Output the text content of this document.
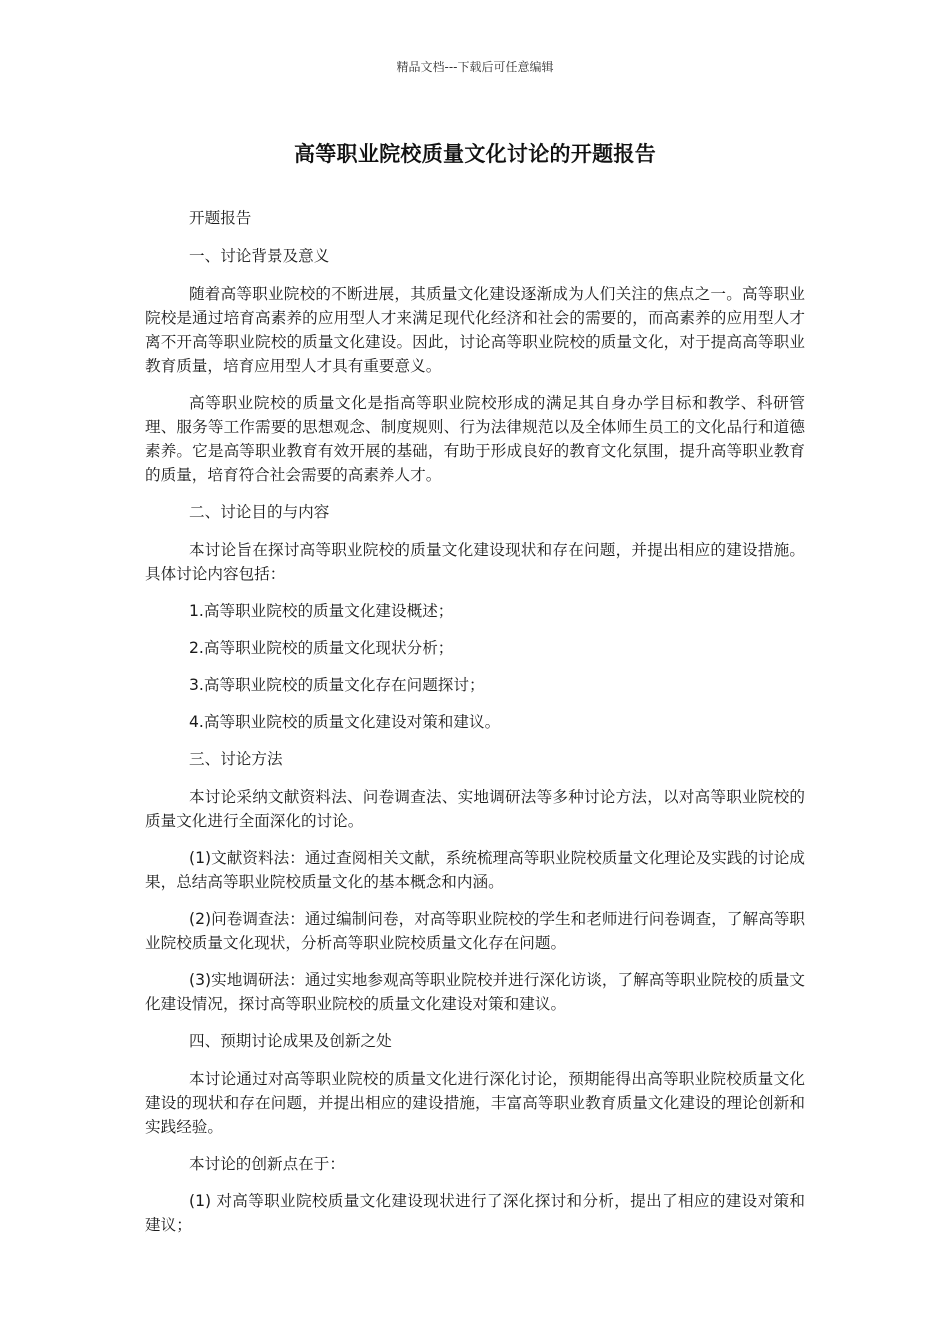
精品文档---下载后可任意编辑
高等职业院校质量文化讨论的开题报告

开题报告

一、讨论背景及意义

随着高等职业院校的不断进展，其质量文化建设逐渐成为人们关注的焦点之一。高等职业院校是通过培育高素养的应用型人才来满足现代化经济和社会的需要的，而高素养的应用型人才离不开高等职业院校的质量文化建设。因此，讨论高等职业院校的质量文化，对于提高高等职业教育质量，培育应用型人才具有重要意义。

高等职业院校的质量文化是指高等职业院校形成的满足其自身办学目标和教学、科研管理、服务等工作需要的思想观念、制度规则、行为法律规范以及全体师生员工的文化品行和道德素养。它是高等职业教育有效开展的基础，有助于形成良好的教育文化氛围，提升高等职业教育的质量，培育符合社会需要的高素养人才。

二、讨论目的与内容

本讨论旨在探讨高等职业院校的质量文化建设现状和存在问题，并提出相应的建设措施。具体讨论内容包括：

1.高等职业院校的质量文化建设概述；

2.高等职业院校的质量文化现状分析；

3.高等职业院校的质量文化存在问题探讨；

4.高等职业院校的质量文化建设对策和建议。

三、讨论方法

本讨论采纳文献资料法、问卷调查法、实地调研法等多种讨论方法，以对高等职业院校的质量文化进行全面深化的讨论。

(1)文献资料法：通过查阅相关文献，系统梳理高等职业院校质量文化理论及实践的讨论成果，总结高等职业院校质量文化的基本概念和内涵。

(2)问卷调查法：通过编制问卷，对高等职业院校的学生和老师进行问卷调查，了解高等职业院校质量文化现状，分析高等职业院校质量文化存在问题。

(3)实地调研法：通过实地参观高等职业院校并进行深化访谈，了解高等职业院校的质量文化建设情况，探讨高等职业院校的质量文化建设对策和建议。

四、预期讨论成果及创新之处

本讨论通过对高等职业院校的质量文化进行深化讨论，预期能得出高等职业院校质量文化建设的现状和存在问题，并提出相应的建设措施，丰富高等职业教育质量文化建设的理论创新和实践经验。

本讨论的创新点在于：

(1) 对高等职业院校质量文化建设现状进行了深化探讨和分析，提出了相应的建设对策和建议；
